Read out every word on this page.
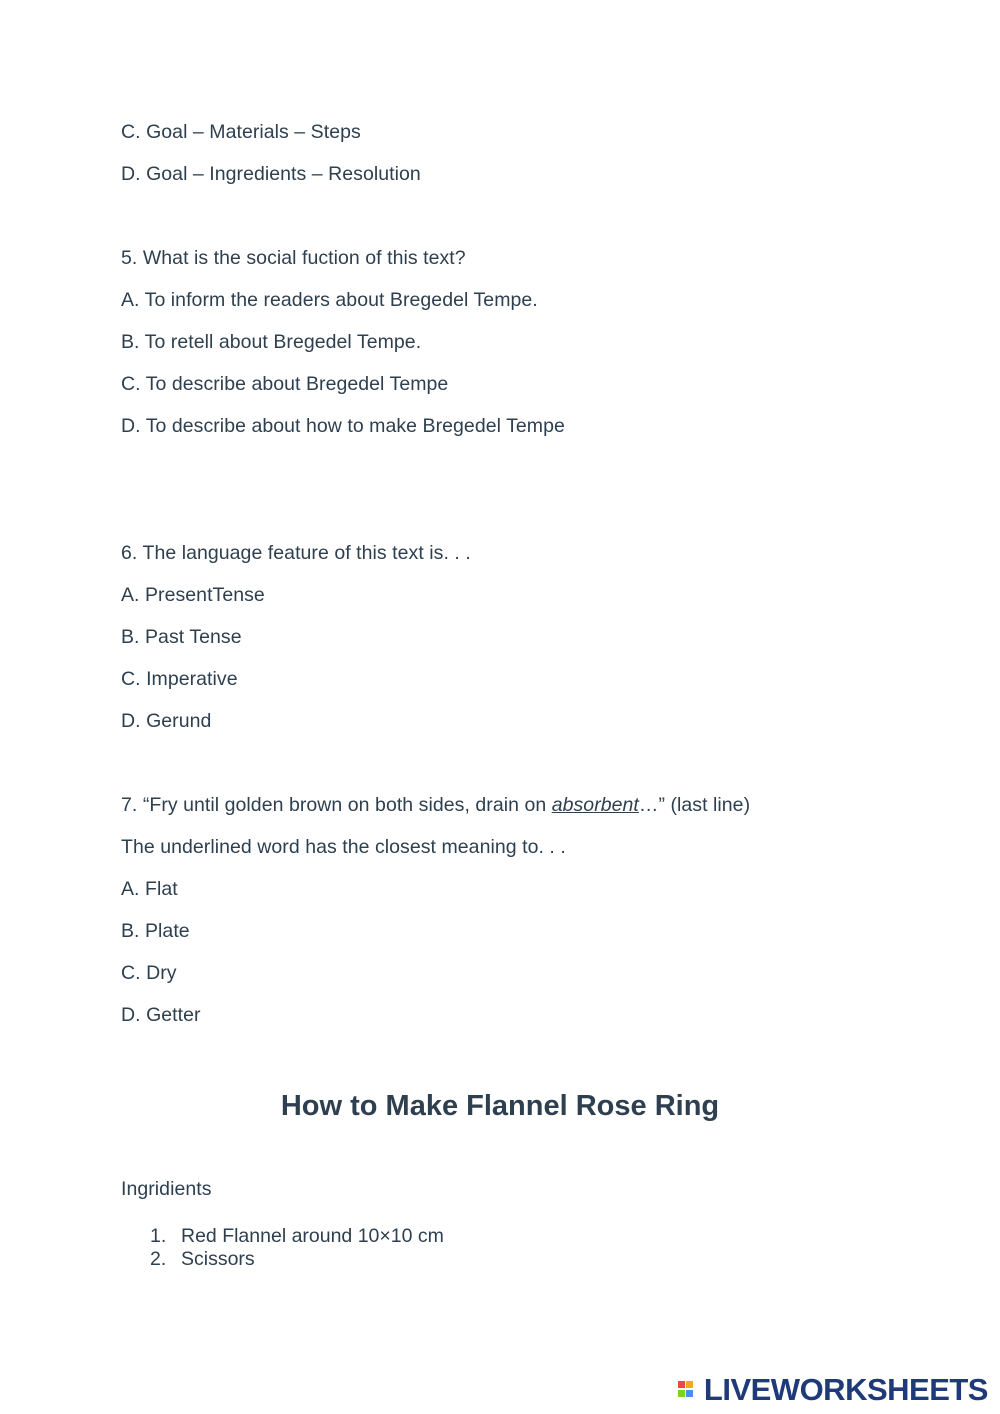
C. Goal – Materials – Steps
D. Goal – Ingredients – Resolution
5. What is the social fuction of this text?
A. To inform the readers about Bregedel Tempe.
B. To retell about Bregedel Tempe.
C. To describe about Bregedel Tempe
D. To describe about how to make Bregedel Tempe
6. The language feature of this text is. . .
A. PresentTense
B. Past Tense
C. Imperative
D. Gerund
7. “Fry until golden brown on both sides, drain on absorbent…” (last line)
The underlined word has the closest meaning to. . .
A. Flat
B. Plate
C. Dry
D. Getter
How to Make Flannel Rose Ring
Ingridients
1. Red Flannel around 10×10 cm
2. Scissors
LIVEWORKSHEETS
